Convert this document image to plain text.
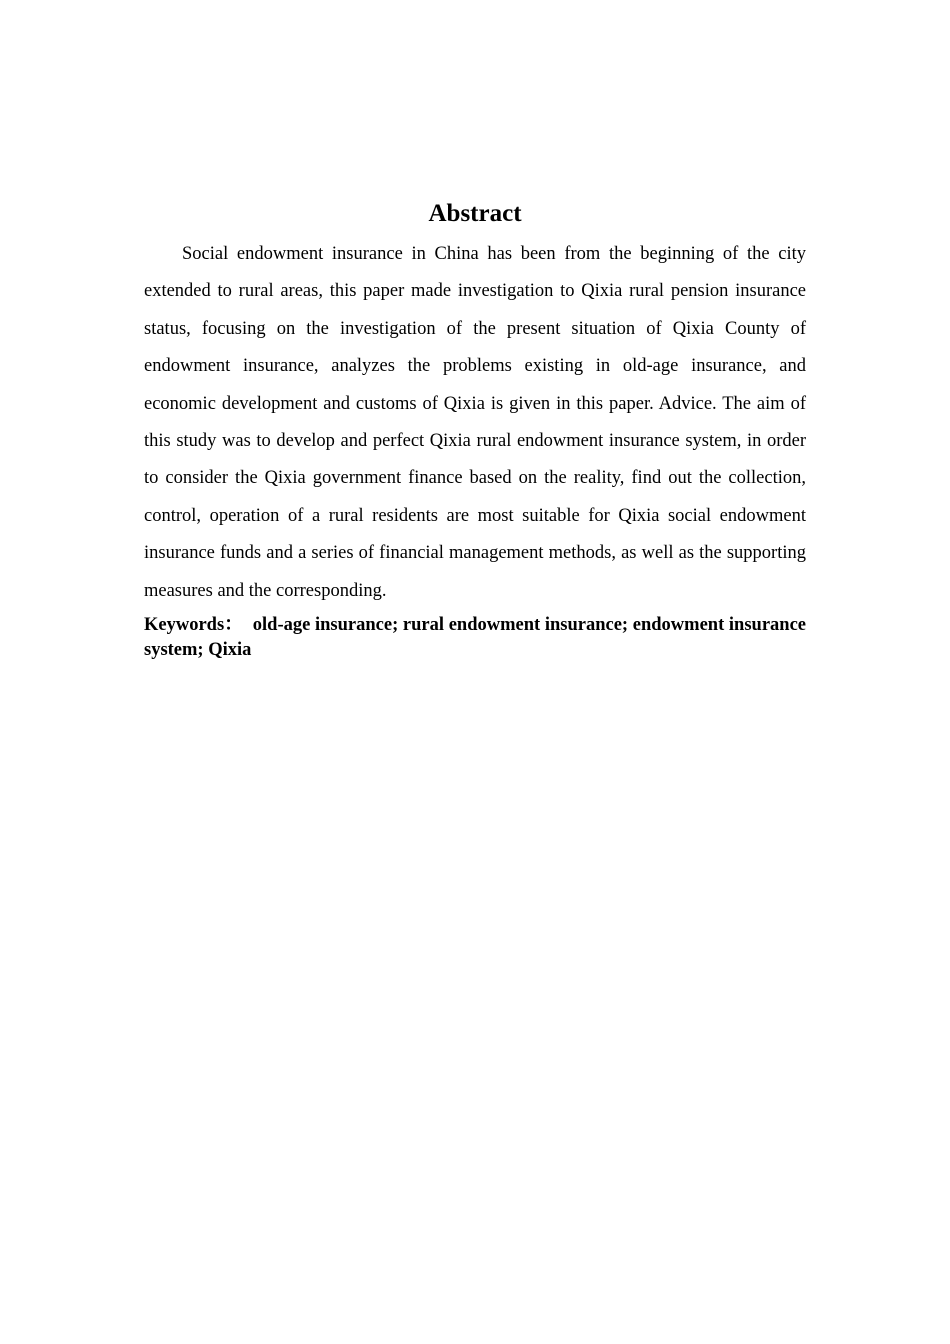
Abstract

Social endowment insurance in China has been from the beginning of the city extended to rural areas, this paper made investigation to Qixia rural pension insurance status, focusing on the investigation of the present situation of Qixia County of endowment insurance, analyzes the problems existing in old-age insurance, and economic development and customs of Qixia is given in this paper. Advice. The aim of this study was to develop and perfect Qixia rural endowment insurance system, in order to consider the Qixia government finance based on the reality, find out the collection, control, operation of a rural residents are most suitable for Qixia social endowment insurance funds and a series of financial management methods, as well as the supporting measures and the corresponding.

Keywords： old-age insurance; rural endowment insurance; endowment insurance system; Qixia
